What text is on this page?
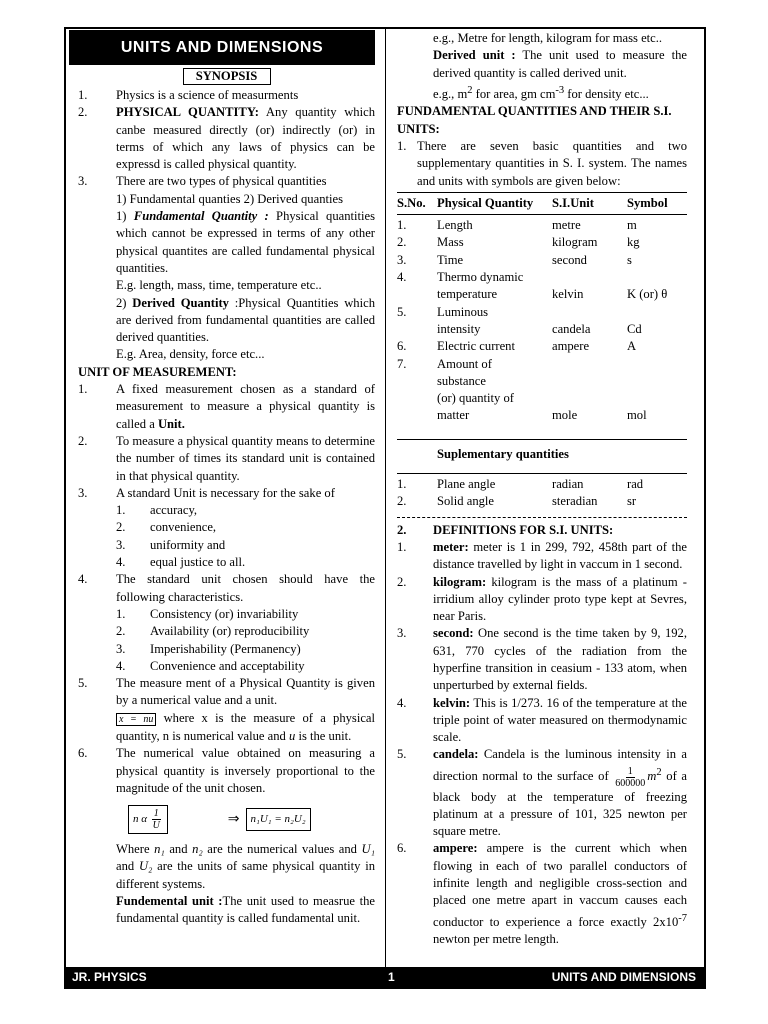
UNITS AND DIMENSIONS
SYNOPSIS
1.	Physics is a science of measurments
2.	PHYSICAL QUANTITY: Any quantity which canbe measured directly (or) indirectly (or) in terms of which any laws of physics can be expressd is called physical quantity.
3.	There are two types of physical quantities
1) Fundamental quanties 2) Derived quanties
1) Fundamental Quantity : Physical quantities which cannot be expressed in terms of any other physical quantites are called fundamental physical quantities.
E.g. length, mass, time, temperature etc..
2) Derived Quantity :Physical Quantities which are derived from fundamental quantities are called derived quantities.
E.g. Area, density, force etc...
UNIT OF MEASUREMENT:
1.	A fixed measurement chosen as a standard of measurement to measure a physical quantity is called a Unit.
2.	To measure a physical quantity means to determine the number of times its standard unit is contained in that physical quantity.
3.	A standard Unit is necessary for the sake of
1.	accuracy,
2.	convenience,
3.	uniformity and
4.	equal justice to all.
4.	The standard unit chosen should have the following characteristics.
1.	Consistency (or) invariability
2.	Availability (or) reproducibility
3.	Imperishability (Permanency)
4.	Convenience and acceptability
5.	The measure ment of a Physical Quantity is given by a numerical value and a unit.
x = nu where x is the measure of a physical quantity, n is numerical value and u is the unit.
6.	The numerical value obtained on measuring a physical quantity is inversely proportional to the magnitude of the unit chosen.
n α $\frac{1}{U}$	⇒	n₁U₁ = n₂U₂
Where n₁ and n₂ are the numerical values and U₁ and U₂ are the units of same physical quantity in different systems.
Fundemental unit :The unit used to measrue the fundamental quantity is called fundamental unit.
e.g., Metre for length, kilogram for mass etc..
Derived unit : The unit used to measure the derived quantity is called derived unit.
e.g., $m^2$ for area, gm $cm^{-3}$ for density etc...
FUNDAMENTAL QUANTITIES AND THEIR S.I. UNITS:
1. There are seven basic quantities and two supplementary quantities in S. I. system. The names and units with symbols are given below:
S.No.	Physical Quantity	S.I.Unit	Symbol
1.	Length	metre	m
2.	Mass	kilogram	kg
3.	Time	second	s
4.	Thermo dynamic		
	temperature	kelvin	K (or) θ
5.	Luminous		
	intensity	candela	Cd
6.	Electric current	ampere	A
7.	Amount of		
	substance		
	(or) quantity of		
	matter	mole	mol
Suplementary quantities
1.	Plane angle	radian	rad
2.	Solid angle	steradian	sr
2.	DEFINITIONS FOR S.I. UNITS:
1.	meter: meter is 1 in 299, 792, 458th part of the distance travelled by light in vaccum in 1 second.
2.	kilogram: kilogram is the mass of a platinum - irridium alloy cylinder proto type kept at Sevres, near Paris.
3.	second: One second is the time taken by 9, 192, 631, 770 cycles of the radiation from the hyperfine transition in ceasium - 133 atom, when unperturbed by external fields.
4.	kelvin: This is 1/273. 16 of the temperature at the triple point of water measured on thermodynamic scale.
5.	candela: Candela is the luminous intensity in a direction normal to the surface of $\frac{1}{600000} m^2$ of a black body at the temperature of freezing platinum at a pressure of 101, 325 newton per square metre.
6.	ampere: ampere is the current which when flowing in each of two parallel conductors of infinite length and negligible cross-section and placed one metre apart in vaccum causes each conductor to experience a force exactly $2x10^{-7}$ newton per metre length.
JR. PHYSICS	1	UNITS AND DIMENSIONS
